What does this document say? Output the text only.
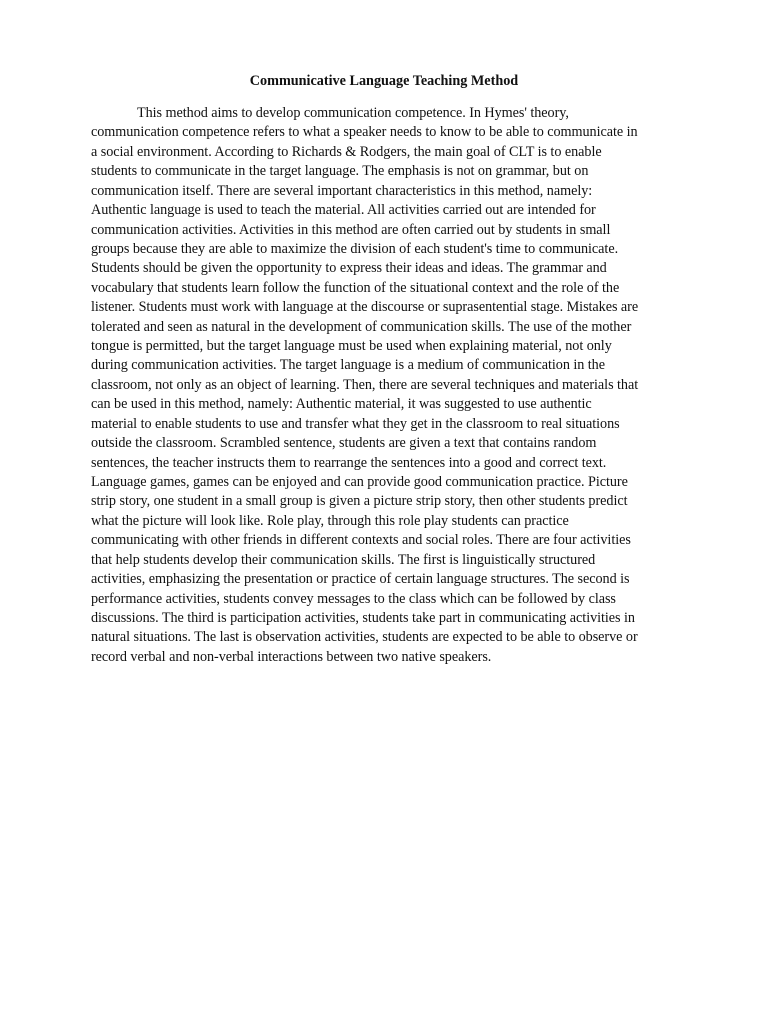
Communicative Language Teaching Method
This method aims to develop communication competence. In Hymes' theory,
communication competence refers to what a speaker needs to know to be able to communicate in
a social environment. According to Richards & Rodgers, the main goal of CLT is to enable
students to communicate in the target language. The emphasis is not on grammar, but on
communication itself. There are several important characteristics in this method, namely:
Authentic language is used to teach the material. All activities carried out are intended for
communication activities. Activities in this method are often carried out by students in small
groups because they are able to maximize the division of each student's time to communicate.
Students should be given the opportunity to express their ideas and ideas. The grammar and
vocabulary that students learn follow the function of the situational context and the role of the
listener. Students must work with language at the discourse or suprasentential stage. Mistakes are
tolerated and seen as natural in the development of communication skills. The use of the mother
tongue is permitted, but the target language must be used when explaining material, not only
during communication activities. The target language is a medium of communication in the
classroom, not only as an object of learning. Then, there are several techniques and materials that
can be used in this method, namely: Authentic material, it was suggested to use authentic
material to enable students to use and transfer what they get in the classroom to real situations
outside the classroom. Scrambled sentence, students are given a text that contains random
sentences, the teacher instructs them to rearrange the sentences into a good and correct text.
Language games, games can be enjoyed and can provide good communication practice. Picture
strip story, one student in a small group is given a picture strip story, then other students predict
what the picture will look like. Role play, through this role play students can practice
communicating with other friends in different contexts and social roles. There are four activities
that help students develop their communication skills. The first is linguistically structured
activities, emphasizing the presentation or practice of certain language structures. The second is
performance activities, students convey messages to the class which can be followed by class
discussions. The third is participation activities, students take part in communicating activities in
natural situations. The last is observation activities, students are expected to be able to observe or
record verbal and non-verbal interactions between two native speakers.
